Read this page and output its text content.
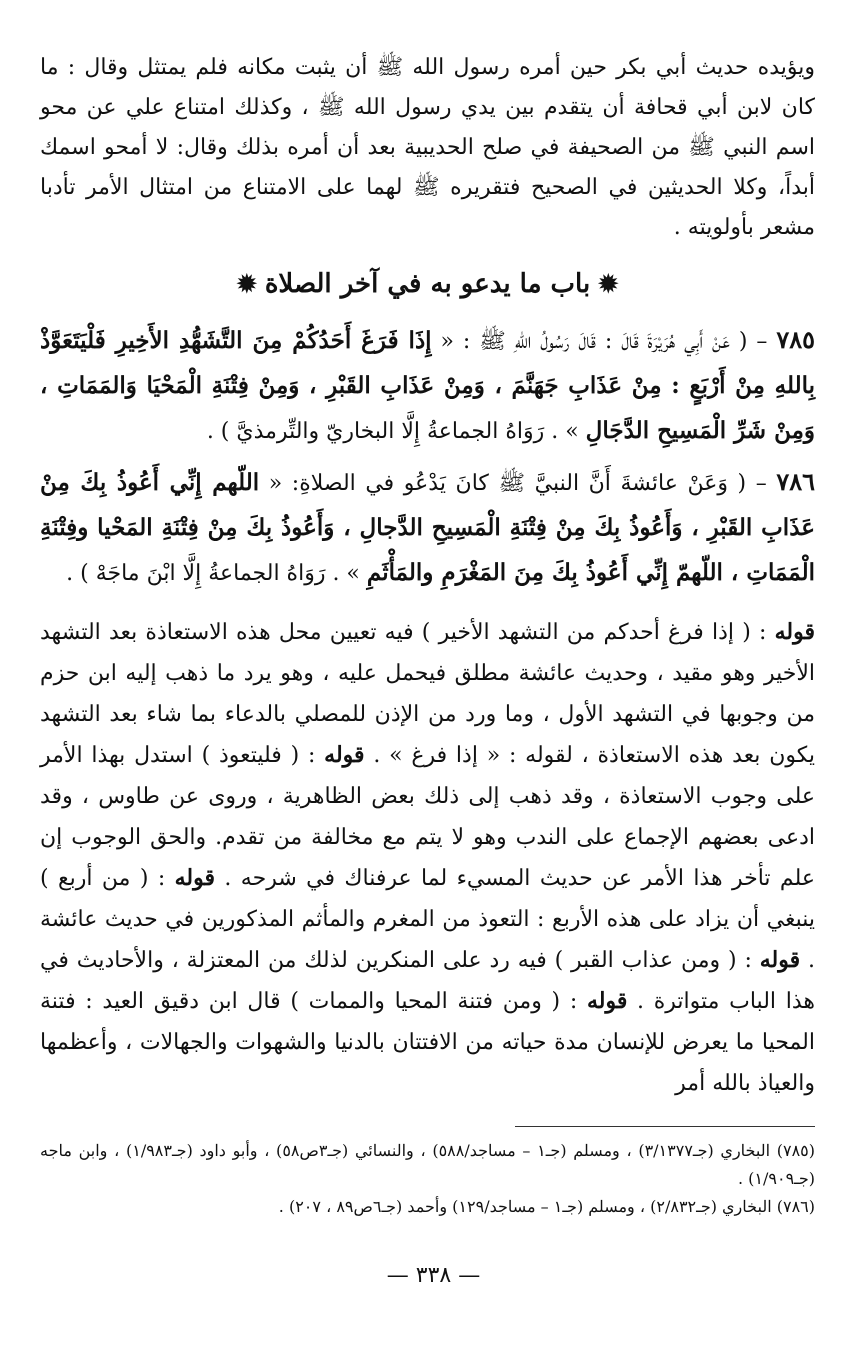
ويؤيده حديث أبي بكر حين أمره رسول الله ﷺ أن يثبت مكانه فلم يمتثل وقال : ما كان لابن أبي قحافة أن يتقدم بين يدي رسول الله ﷺ ، وكذلك امتناع علي عن محو اسم النبي ﷺ من الصحيفة في صلح الحديبية بعد أن أمره بذلك وقال: لا أمحو اسمك أبداً، وكلا الحديثين في الصحيح فتقريره ﷺ لهما على الامتناع من امتثال الأمر تأدبا مشعر بأولويته .

✹باب ما يدعو به في آخر الصلاة✹

٧٨٥ – ( عَنْ أَبِي هُرَيْرَةَ قَالَ : قَالَ رَسُولُ اللهِ ﷺ : « إِذَا فَرَغَ أَحَدُكُمْ مِنَ التَّشَهُّدِ الأَخِيرِ فَلْيَتَعَوَّذْ بِاللهِ مِنْ أَرْبَعٍ : مِنْ عَذَابِ جَهَنَّمَ ، وَمِنْ عَذَابِ القَبْرِ ، وَمِنْ فِتْنَةِ الْمَحْيَا وَالمَمَاتِ ، وَمِنْ شَرِّ الْمَسِيحِ الدَّجَالِ » . رَوَاهُ الجماعةُ إِلَّا البخاريّ والتِّرمذيَّ ) .

٧٨٦ – ( وَعَنْ عائشةَ أَنَّ النبيَّ ﷺ كانَ يَدْعُو في الصلاةِ: « اللّهم إِنِّي أَعُوذُ بِكَ مِنْ عَذَابِ القَبْرِ ، وَأَعُوذُ بِكَ مِنْ فِتْنَةِ الْمَسِيحِ الدَّجالِ ، وَأَعُوذُ بِكَ مِنْ فِتْنَةِ المَحْيا وفِتْنَةِ الْمَمَاتِ ، اللّهمّ إِنِّي أَعُوذُ بِكَ مِنَ المَغْرَمِ والمَأْثَمِ » . رَوَاهُ الجماعةُ إِلَّا ابْنَ ماجَهْ ) .

قوله : ( إذا فرغ أحدكم من التشهد الأخير ) فيه تعيين محل هذه الاستعاذة بعد التشهد الأخير وهو مقيد ، وحديث عائشة مطلق فيحمل عليه ، وهو يرد ما ذهب إليه ابن حزم من وجوبها في التشهد الأول ، وما ورد من الإذن للمصلي بالدعاء بما شاء بعد التشهد يكون بعد هذه الاستعاذة ، لقوله : « إذا فرغ » . قوله : ( فليتعوذ ) استدل بهذا الأمر على وجوب الاستعاذة ، وقد ذهب إلى ذلك بعض الظاهرية ، وروى عن طاوس ، وقد ادعى بعضهم الإجماع على الندب وهو لا يتم مع مخالفة من تقدم. والحق الوجوب إن علم تأخر هذا الأمر عن حديث المسيء لما عرفناك في شرحه . قوله : ( من أربع ) ينبغي أن يزاد على هذه الأربع : التعوذ من المغرم والمأثم المذكورين في حديث عائشة . قوله : ( ومن عذاب القبر ) فيه رد على المنكرين لذلك من المعتزلة ، والأحاديث في هذا الباب متواترة . قوله : ( ومن فتنة المحيا والممات ) قال ابن دقيق العيد : فتنة المحيا ما يعرض للإنسان مدة حياته من الافتتان بالدنيا والشهوات والجهالات ، وأعظمها والعياذ بالله أمر

(٧٨٥) البخاري (جـ٣/١٣٧٧) ، ومسلم (جـ١ – مساجد/٥٨٨) ، والنسائي (جـ٣ص٥٨) ، وأبو داود (جـ١/٩٨٣) ، وابن ماجه (جـ١/٩٠٩) .
(٧٨٦) البخاري (جـ٢/٨٣٢) ، ومسلم (جـ١ – مساجد/١٢٩) وأحمد (جـ٦ص٨٩ ، ٢٠٧) .
— ٣٣٨ —
